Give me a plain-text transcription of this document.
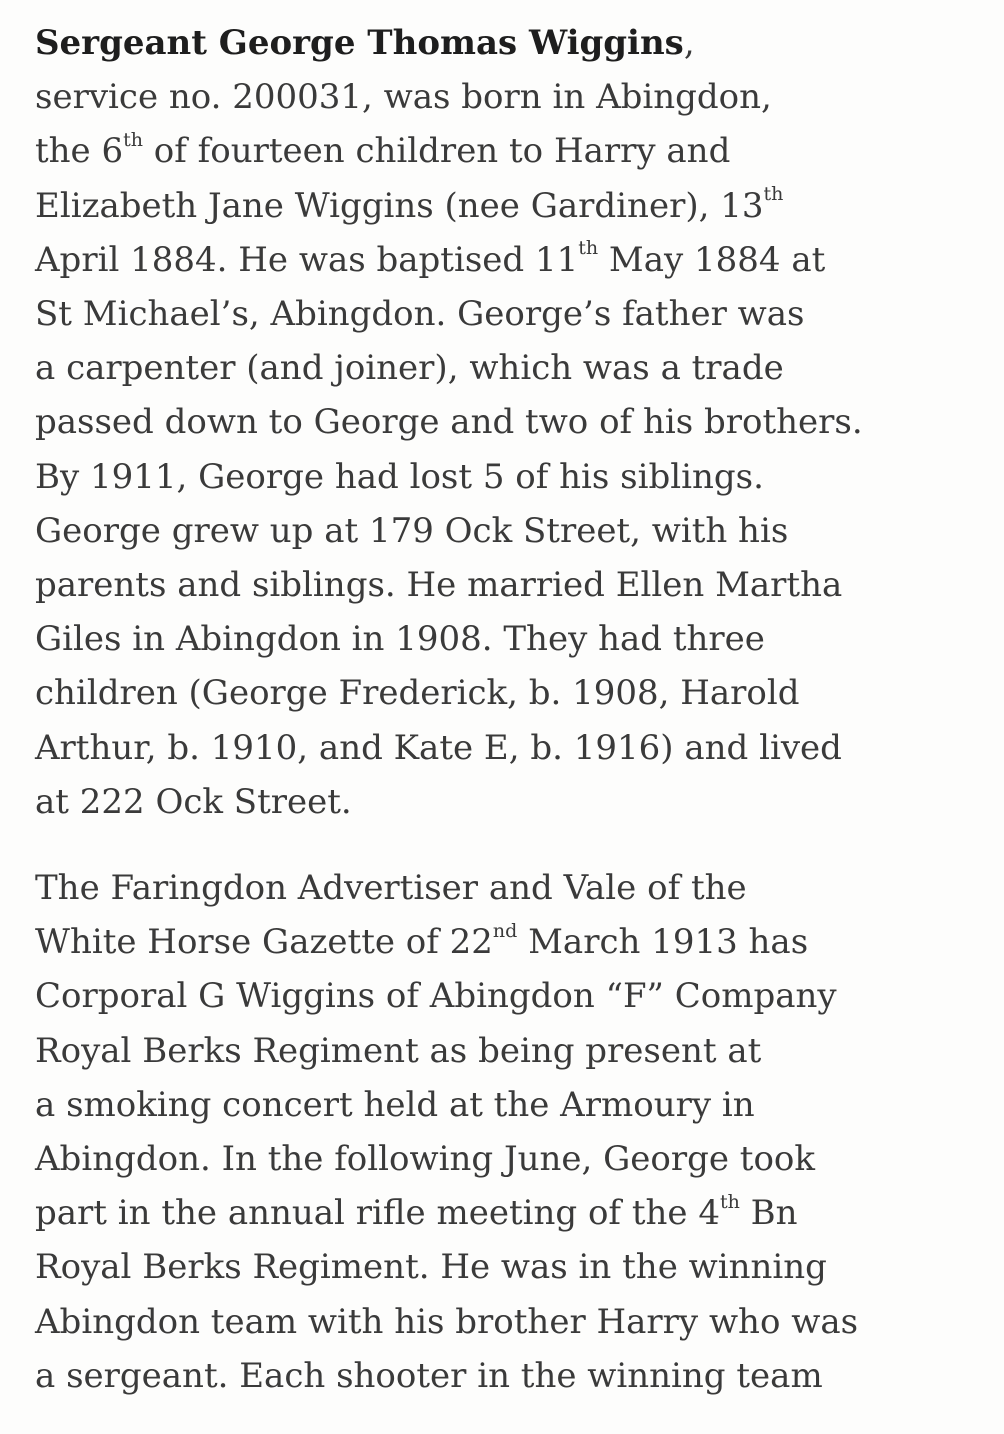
Sergeant George Thomas Wiggins,
service no. 200031, was born in Abingdon,
the 6th of fourteen children to Harry and
Elizabeth Jane Wiggins (nee Gardiner), 13th
April 1884. He was baptised 11th May 1884 at
St Michael’s, Abingdon. George’s father was
a carpenter (and joiner), which was a trade
passed down to George and two of his brothers.
By 1911, George had lost 5 of his siblings.
George grew up at 179 Ock Street, with his
parents and siblings. He married Ellen Martha
Giles in Abingdon in 1908. They had three
children (George Frederick, b. 1908, Harold
Arthur, b. 1910, and Kate E, b. 1916) and lived
at 222 Ock Street.
The Faringdon Advertiser and Vale of the
White Horse Gazette of 22nd March 1913 has
Corporal G Wiggins of Abingdon “F” Company
Royal Berks Regiment as being present at
a smoking concert held at the Armoury in
Abingdon. In the following June, George took
part in the annual rifle meeting of the 4th Bn
Royal Berks Regiment. He was in the winning
Abingdon team with his brother Harry who was
a sergeant. Each shooter in the winning team
